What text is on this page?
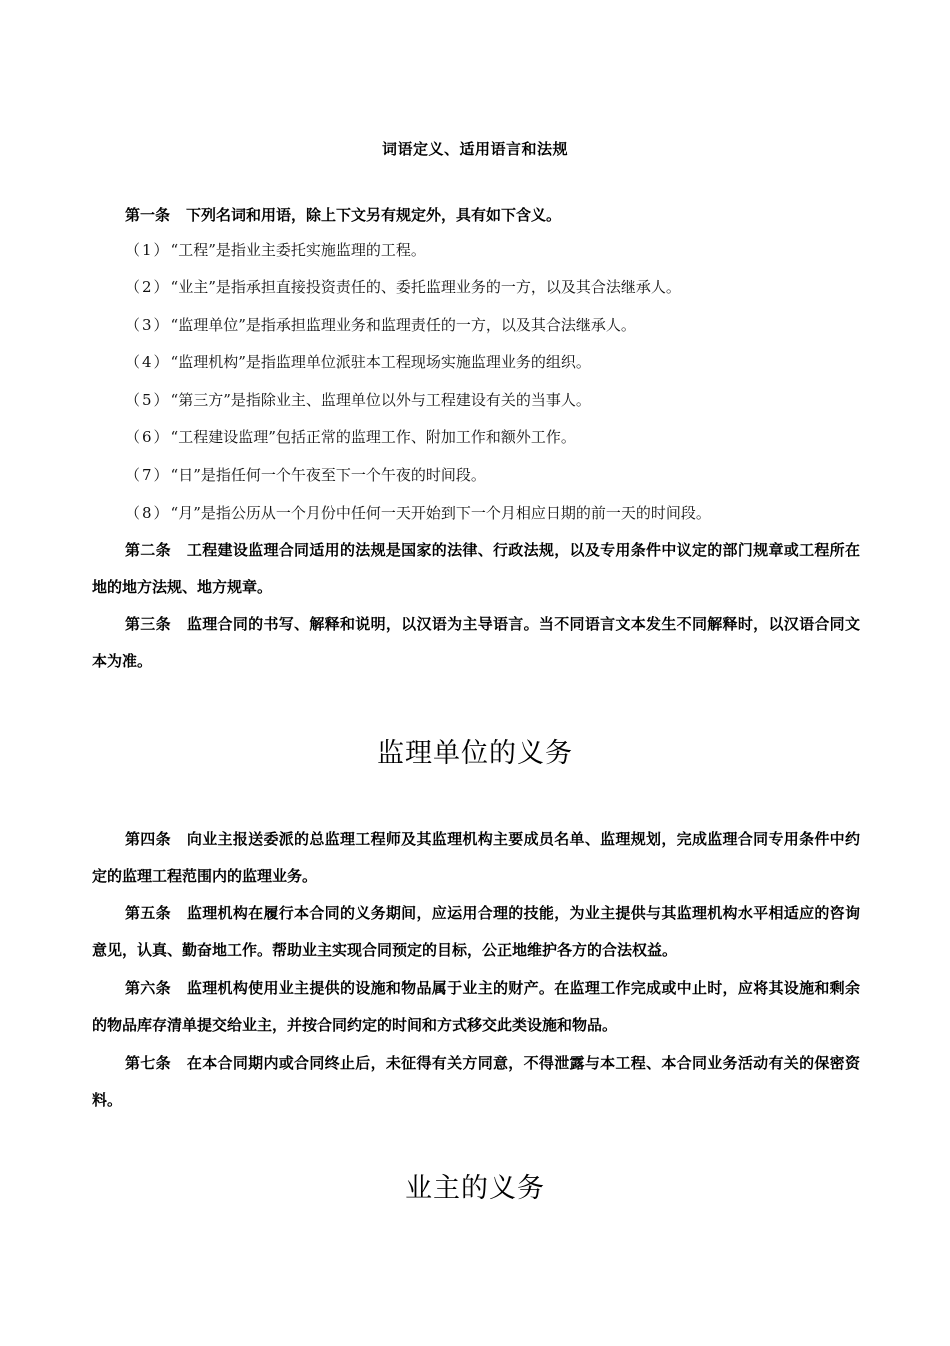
词语定义、适用语言和法规
第一条 下列名词和用语，除上下文另有规定外，具有如下含义。
（1）“工程”是指业主委托实施监理的工程。
（2）“业主”是指承担直接投资责任的、委托监理业务的一方，以及其合法继承人。
（3）“监理单位”是指承担监理业务和监理责任的一方，以及其合法继承人。
（4）“监理机构”是指监理单位派驻本工程现场实施监理业务的组织。
（5）“第三方”是指除业主、监理单位以外与工程建设有关的当事人。
（6）“工程建设监理”包括正常的监理工作、附加工作和额外工作。
（7）“日”是指任何一个午夜至下一个午夜的时间段。
（8）“月”是指公历从一个月份中任何一天开始到下一个月相应日期的前一天的时间段。
第二条 工程建设监理合同适用的法规是国家的法律、行政法规，以及专用条件中议定的部门规章或工程所在地的地方法规、地方规章。
第三条 监理合同的书写、解释和说明，以汉语为主导语言。当不同语言文本发生不同解释时，以汉语合同文本为准。
监理单位的义务
第四条 向业主报送委派的总监理工程师及其监理机构主要成员名单、监理规划，完成监理合同专用条件中约定的监理工程范围内的监理业务。
第五条 监理机构在履行本合同的义务期间，应运用合理的技能，为业主提供与其监理机构水平相适应的咨询意见，认真、勤奋地工作。帮助业主实现合同预定的目标，公正地维护各方的合法权益。
第六条 监理机构使用业主提供的设施和物品属于业主的财产。在监理工作完成或中止时，应将其设施和剩余的物品库存清单提交给业主，并按合同约定的时间和方式移交此类设施和物品。
第七条 在本合同期内或合同终止后，未征得有关方同意，不得泄露与本工程、本合同业务活动有关的保密资料。
业主的义务
